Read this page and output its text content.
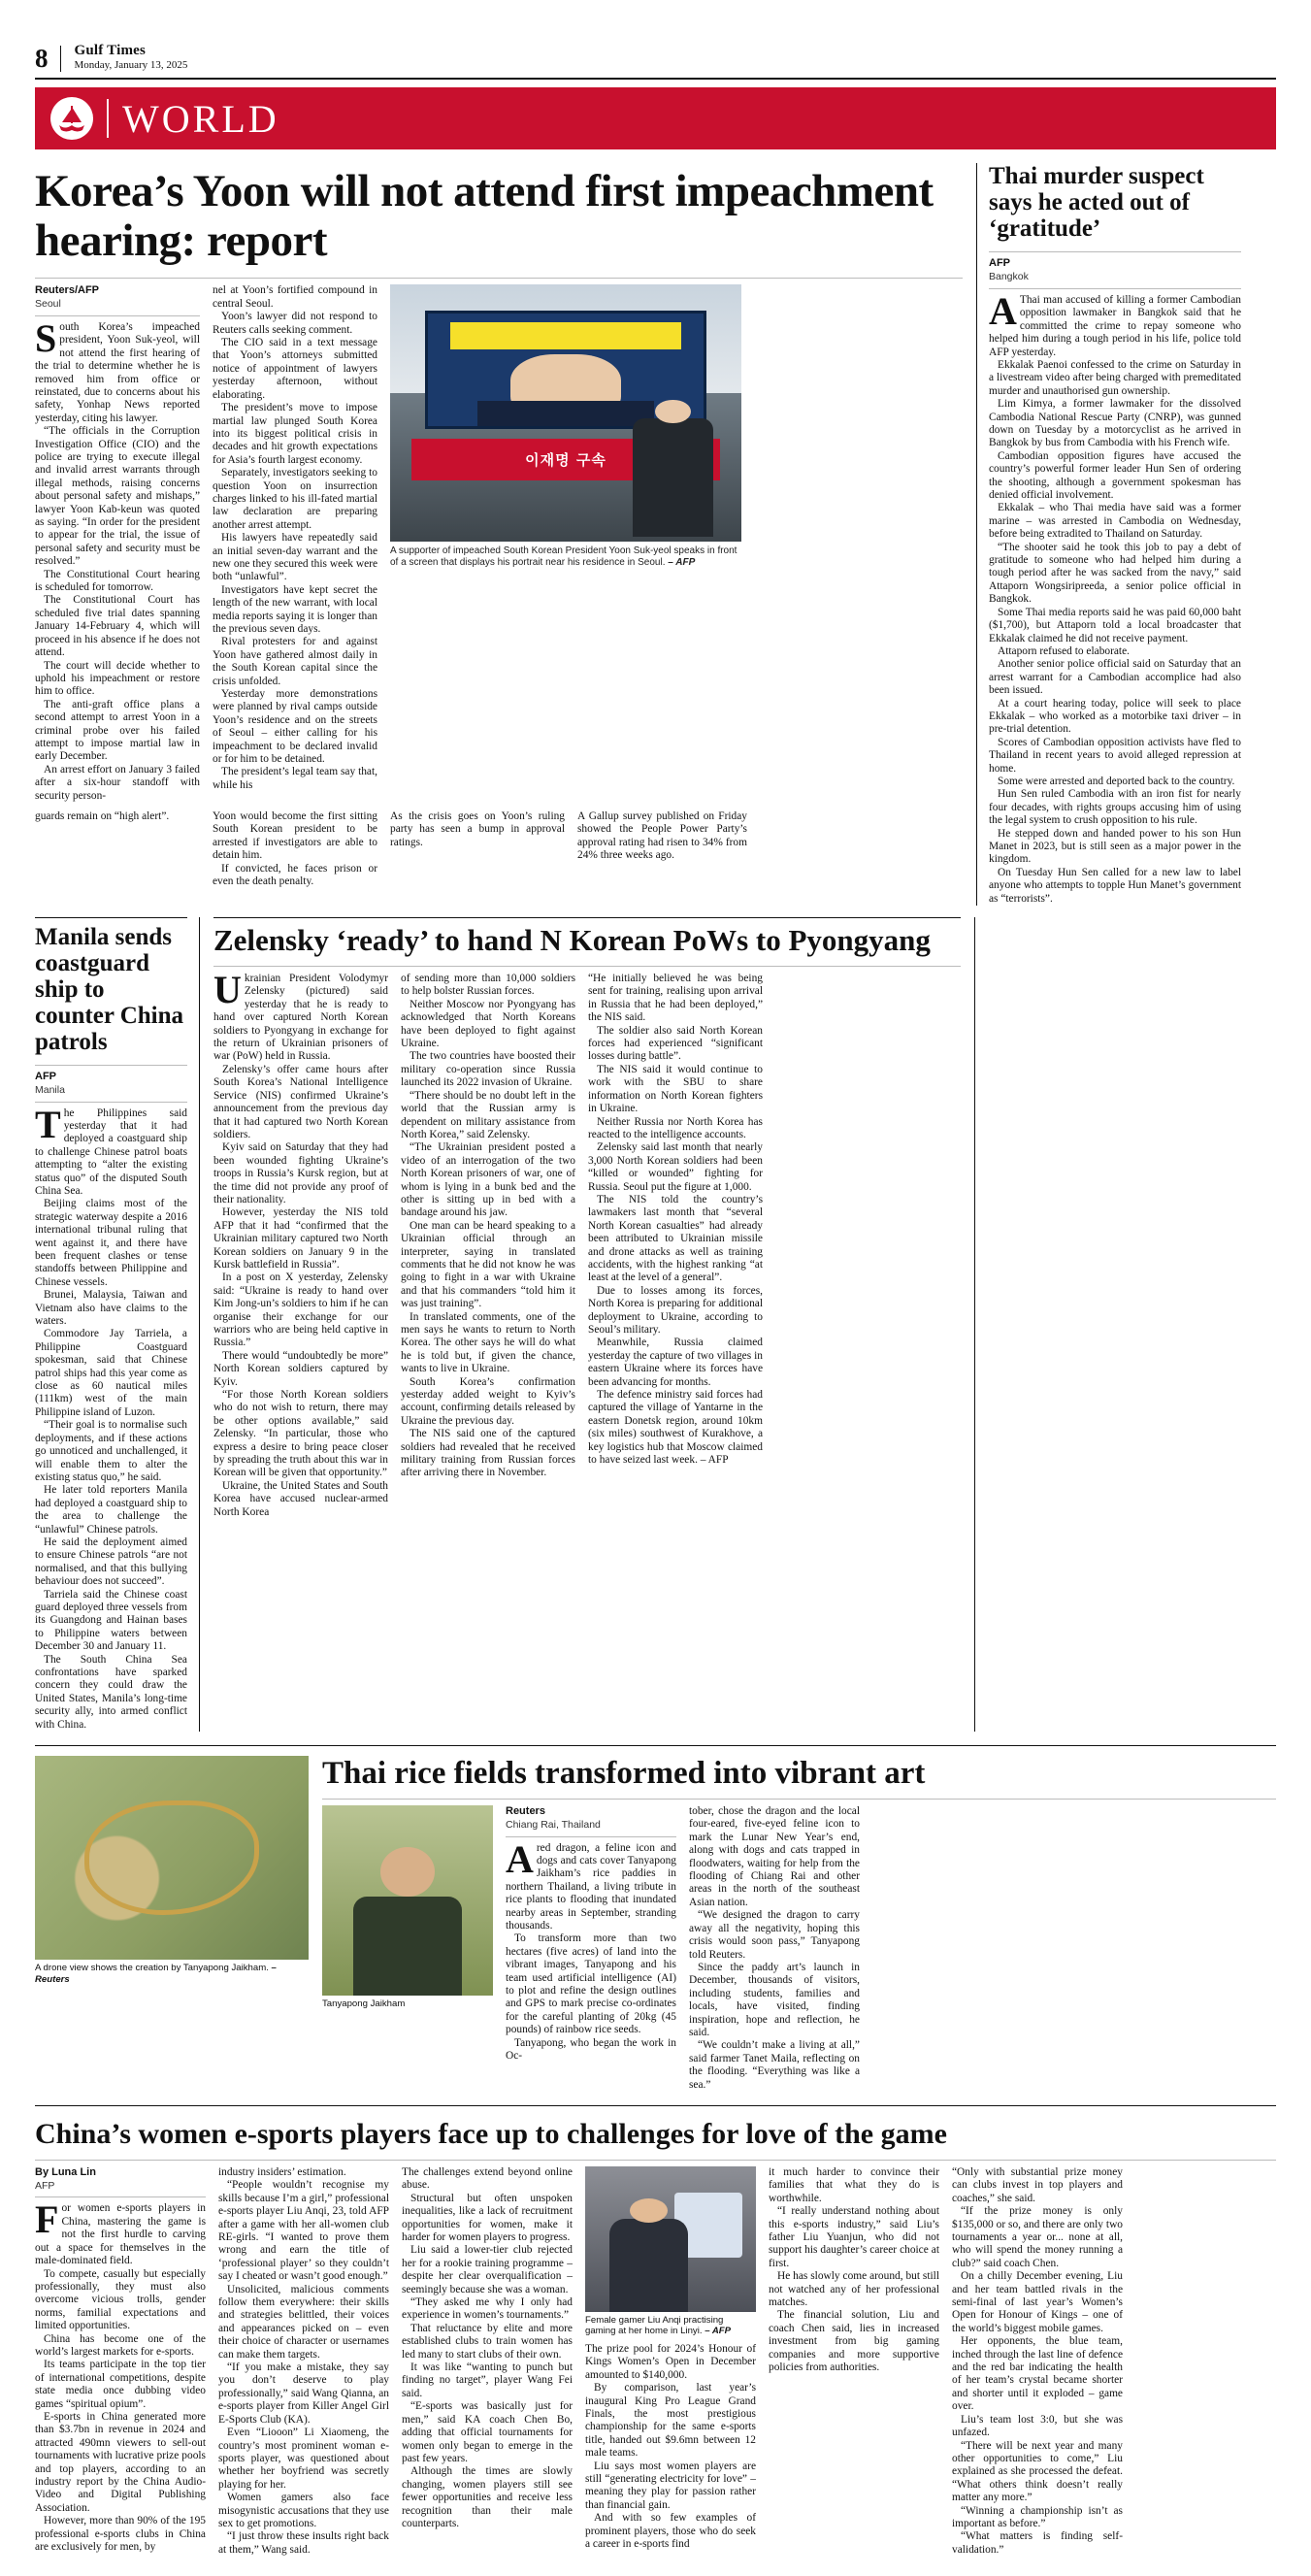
8	Gulf Times
Monday, January 13, 2025
WORLD
Korea’s Yoon will not attend first impeachment hearing: report
Reuters/AFP
Seoul

South Korea’s impeached president, Yoon Suk-yeol, will not attend the first hearing of the trial to determine whether he is removed him from office or reinstated, due to concerns about his safety, Yonhap News reported yesterday, citing his lawyer.

“The officials in the Corruption Investigation Office (CIO) and the police are trying to execute illegal and invalid arrest warrants through illegal methods, raising concerns about personal safety and mishaps,” lawyer Yoon Kab-keun was quoted as saying. “In order for the president to appear for the trial, the issue of personal safety and security must be resolved.”

The Constitutional Court hearing is scheduled for tomorrow.

The Constitutional Court has scheduled five trial dates spanning January 14-February 4, which will proceed in his absence if he does not attend.

The court will decide whether to uphold his impeachment or restore him to office.

The anti-graft office plans a second attempt to arrest Yoon in a criminal probe over his failed attempt to impose martial law in early December.

An arrest effort on January 3 failed after a six-hour standoff with security person-

nel at Yoon’s fortified compound in central Seoul.

Yoon’s lawyer did not respond to Reuters calls seeking comment.

The CIO said in a text message that Yoon’s attorneys submitted notice of appointment of lawyers yesterday afternoon, without elaborating.

The president’s move to impose martial law plunged South Korea into its biggest political crisis in decades and hit growth expectations for Asia’s fourth largest economy.

Separately, investigators seeking to question Yoon on insurrection charges linked to his ill-fated martial law declaration are preparing another arrest attempt.

His lawyers have repeatedly said an initial seven-day warrant and the new one they secured this week were both “unlawful”.

Investigators have kept secret the length of the new warrant, with local media reports saying it is longer than the previous seven days.

Rival protesters for and against Yoon have gathered almost daily in the South Korean capital since the crisis unfolded.

Yesterday more demonstrations were planned by rival camps outside Yoon’s residence and on the streets of Seoul – either calling for his impeachment to be declared invalid or for him to be detained.

The president’s legal team say that, while his

이재명 구속
A supporter of impeached South Korean President Yoon Suk-yeol speaks in front of a screen that displays his portrait near his residence in Seoul. – AFP

guards remain on “high alert”.	Yoon would become the first sitting South Korean president to be arrested if investigators are able to detain him.

If convicted, he faces prison or even the death penalty.

As the crisis goes on Yoon’s ruling party has seen a bump in approval ratings.

A Gallup survey published on Friday showed the People Power Party’s approval rating had risen to 34% from 24% three weeks ago.

Thai murder suspect says he acted out of ‘gratitude’
AFP
Bangkok

AThai man accused of killing a former Cambodian opposition lawmaker in Bangkok said that he committed the crime to repay someone who helped him during a tough period in his life, police told AFP yesterday.

Ekkalak Paenoi confessed to the crime on Saturday in a livestream video after being charged with premeditated murder and unauthorised gun ownership.

Lim Kimya, a former lawmaker for the dissolved Cambodia National Rescue Party (CNRP), was gunned down on Tuesday by a motorcyclist as he arrived in Bangkok by bus from Cambodia with his French wife.

Cambodian opposition figures have accused the country’s powerful former leader Hun Sen of ordering the shooting, although a government spokesman has denied official involvement.

Ekkalak – who Thai media have said was a former marine – was arrested in Cambodia on Wednesday, before being extradited to Thailand on Saturday.

“The shooter said he took this job to pay a debt of gratitude to someone who had helped him during a tough period after he was sacked from the navy,” said Attaporn Wongsiripreeda, a senior police official in Bangkok.

Some Thai media reports said he was paid 60,000 baht ($1,700), but Attaporn told a local broadcaster that Ekkalak claimed he did not receive payment.

Attaporn refused to elaborate.

Another senior police official said on Saturday that an arrest warrant for a Cambodian accomplice had also been issued.

At a court hearing today, police will seek to place Ekkalak – who worked as a motorbike taxi driver – in pre-trial detention.

Scores of Cambodian opposition activists have fled to Thailand in recent years to avoid alleged repression at home.

Some were arrested and deported back to the country.

Hun Sen ruled Cambodia with an iron fist for nearly four decades, with rights groups accusing him of using the legal system to crush opposition to his rule.

He stepped down and handed power to his son Hun Manet in 2023, but is still seen as a major power in the kingdom.

On Tuesday Hun Sen called for a new law to label anyone who attempts to topple Hun Manet’s government as “terrorists”.

Manila sends coastguard ship to counter China patrols
AFP
Manila

The Philippines said yesterday that it had deployed a coastguard ship to challenge Chinese patrol boats attempting to “alter the existing status quo” of the disputed South China Sea.

Beijing claims most of the strategic waterway despite a 2016 international tribunal ruling that went against it, and there have been frequent clashes or tense standoffs between Philippine and Chinese vessels.

Brunei, Malaysia, Taiwan and Vietnam also have claims to the waters.

Commodore Jay Tarriela, a Philippine Coastguard spokesman, said that Chinese patrol ships had this year come as close as 60 nautical miles (111km) west of the main Philippine island of Luzon.

“Their goal is to normalise such deployments, and if these actions go unnoticed and unchallenged, it will enable them to alter the existing status quo,” he said.

He later told reporters Manila had deployed a coastguard ship to the area to challenge the “unlawful” Chinese patrols.

He said the deployment aimed to ensure Chinese patrols “are not normalised, and that this bullying behaviour does not succeed”.

Tarriela said the Chinese coast guard deployed three vessels from its Guangdong and Hainan bases to Philippine waters between December 30 and January 11.

The South China Sea confrontations have sparked concern they could draw the United States, Manila’s long-time security ally, into armed conflict with China.

Zelensky ‘ready’ to hand N Korean PoWs to Pyongyang

Ukrainian President Volodymyr Zelensky (pictured) said yesterday that he is ready to hand over captured North Korean soldiers to Pyongyang in exchange for the return of Ukrainian prisoners of war (PoW) held in Russia.

Zelensky’s offer came hours after South Korea’s National Intelligence Service (NIS) confirmed Ukraine’s announcement from the previous day that it had captured two North Korean soldiers.

Kyiv said on Saturday that they had been wounded fighting Ukraine’s troops in Russia’s Kursk region, but at the time did not provide any proof of their nationality.

However, yesterday the NIS told AFP that it had “confirmed that the Ukrainian military captured two North Korean soldiers on January 9 in the Kursk battlefield in Russia”.

In a post on X yesterday, Zelensky said: “Ukraine is ready to hand over Kim Jong-un’s soldiers to him if he can organise their exchange for our warriors who are being held captive in Russia.”

There would “undoubtedly be more” North Korean soldiers captured by Kyiv.

“For those North Korean soldiers who do not wish to return, there may be other options available,” said Zelensky. “In particular, those who express a desire to bring peace closer by spreading the truth about this war in Korean will be given that opportunity.”

Ukraine, the United States and South Korea have accused nuclear-armed North Korea

of sending more than 10,000 soldiers to help bolster Russian forces.

Neither Moscow nor Pyongyang has acknowledged that North Koreans have been deployed to fight against Ukraine.

The two countries have boosted their military co-operation since Russia launched its 2022 invasion of Ukraine.

“There should be no doubt left in the world that the Russian army is dependent on military assistance from North Korea,” said Zelensky.

“The Ukrainian president posted a video of an interrogation of the two North Korean prisoners of war, one of whom is lying in a bunk bed and the other is sitting up in bed with a bandage around his jaw.

One man can be heard speaking to a Ukrainian official through an interpreter, saying in translated comments that he did not know he was going to fight in a war with Ukraine and that his commanders “told him it was just training”.

In translated comments, one of the men says he wants to return to North Korea. The other says he will do what he is told but, if given the chance, wants to live in Ukraine.

South Korea’s confirmation yesterday added weight to Kyiv’s account, confirming details released by Ukraine the previous day.

The NIS said one of the captured soldiers had revealed that he received military training from Russian forces after arriving there in November.

“He initially believed he was being sent for training, realising upon arrival in Russia that he had been deployed,” the NIS said.

The soldier also said North Korean forces had experienced “significant losses during battle”.

The NIS said it would continue to work with the SBU to share information on North Korean fighters in Ukraine.

Neither Russia nor North Korea has reacted to the intelligence accounts.

Zelensky said last month that nearly 3,000 North Korean soldiers had been “killed or wounded” fighting for Russia. Seoul put the figure at 1,000.

The NIS told the country’s lawmakers last month that “several North Korean casualties” had already been attributed to Ukrainian missile and drone attacks as well as training accidents, with the highest ranking “at least at the level of a general”.

Due to losses among its forces, North Korea is preparing for additional deployment to Ukraine, according to Seoul’s military.

Meanwhile, Russia claimed yesterday the capture of two villages in eastern Ukraine where its forces have been advancing for months.

The defence ministry said forces had captured the village of Yantarne in the eastern Donetsk region, around 10km (six miles) southwest of Kurakhove, a key logistics hub that Moscow claimed to have seized last week. – AFP

A drone view shows the creation by Tanyapong Jaikham. – Reuters
Thai rice fields transformed into vibrant art
Tanyapong Jaikham
Reuters
Chiang Rai, Thailand

Ared dragon, a feline icon and dogs and cats cover Tanyapong Jaikham’s rice paddies in northern Thailand, a living tribute in rice plants to flooding that inundated nearby areas in September, stranding thousands.

To transform more than two hectares (five acres) of land into the vibrant images, Tanyapong and his team used artificial intelligence (AI) to plot and refine the design outlines and GPS to mark precise co-ordinates for the careful planting of 20kg (45 pounds) of rainbow rice seeds.

Tanyapong, who began the work in Oc-

tober, chose the dragon and the local four-eared, five-eyed feline icon to mark the Lunar New Year’s end, along with dogs and cats trapped in floodwaters, waiting for help from the flooding of Chiang Rai and other areas in the north of the southeast Asian nation.

“We designed the dragon to carry away all the negativity, hoping this crisis would soon pass,” Tanyapong told Reuters.

Since the paddy art’s launch in December, thousands of visitors, including students, families and locals, have visited, finding inspiration, hope and reflection, he said.

“We couldn’t make a living at all,” said farmer Tanet Maila, reflecting on the flooding. “Everything was like a sea.”

China’s women e-sports players face up to challenges for love of the game
By Luna Lin
AFP

For women e-sports players in China, mastering the game is not the first hurdle to carving out a space for themselves in the male-dominated field.

To compete, casually but especially professionally, they must also overcome vicious trolls, gender norms, familial expectations and limited opportunities.

China has become one of the world’s largest markets for e-sports.

Its teams participate in the top tier of international competitions, despite state media once dubbing video games “spiritual opium”.

E-sports in China generated more than $3.7bn in revenue in 2024 and attracted 490mn viewers to sell-out tournaments with lucrative prize pools and top players, according to an industry report by the China Audio-Video and Digital Publishing Association.

However, more than 90% of the 195 professional e-sports clubs in China are exclusively for men, by

industry insiders’ estimation.

“People wouldn’t recognise my skills because I’m a girl,” professional e-sports player Liu Anqi, 23, told AFP after a game with her all-women club RE-girls. “I wanted to prove them wrong and earn the title of ‘professional player’ so they couldn’t say I cheated or wasn’t good enough.”

Unsolicited, malicious comments follow them everywhere: their skills and strategies belittled, their voices and appearances picked on – even their choice of character or usernames can make them targets.

“If you make a mistake, they say you don’t deserve to play professionally,” said Wang Qianna, an e-sports player from Killer Angel Girl E-Sports Club (KA).

Even “Liooon” Li Xiaomeng, the country’s most prominent woman e-sports player, was questioned about whether her boyfriend was secretly playing for her.

Women gamers also face misogynistic accusations that they use sex to get promotions.

“I just throw these insults right back at them,” Wang said.

The challenges extend beyond online abuse.

Structural but often unspoken inequalities, like a lack of recruitment opportunities for women, make it harder for women players to progress.

Liu said a lower-tier club rejected her for a rookie training programme – despite her clear overqualification – seemingly because she was a woman.

“They asked me why I only had experience in women’s tournaments.”

That reluctance by elite and more established clubs to train women has led many to start clubs of their own.

It was like “wanting to punch but finding no target”, player Wang Fei said.

“E-sports was basically just for men,” said KA coach Chen Bo, adding that official tournaments for women only began to emerge in the past few years.

Although the times are slowly changing, women players still see fewer opportunities and receive less recognition than their male counterparts.

Female gamer Liu Anqi practising gaming at her home in Linyi. – AFP

The prize pool for 2024’s Honour of Kings Women’s Open in December amounted to $140,000.

By comparison, last year’s inaugural King Pro League Grand Finals, the most prestigious championship for the same e-sports title, handed out $9.6mn between 12 male teams.

Liu says most women players are still “generating electricity for love” – meaning they play for passion rather than financial gain.

And with so few examples of prominent players, those who do seek a career in e-sports find

it much harder to convince their families that what they do is worthwhile.

“I really understand nothing about this e-sports industry,” said Liu’s father Liu Yuanjun, who did not support his daughter’s career choice at first.

He has slowly come around, but still not watched any of her professional matches.

The financial solution, Liu and coach Chen said, lies in increased investment from big gaming companies and more supportive policies from authorities.

“Only with substantial prize money can clubs invest in top players and coaches,” she said.

“If the prize money is only $135,000 or so, and there are only two tournaments a year or... none at all, who will spend the money running a club?” said coach Chen.

On a chilly December evening, Liu and her team battled rivals in the semi-final of last year’s Women’s Open for Honour of Kings – one of the world’s biggest mobile games.

Her opponents, the blue team, inched through the last line of defence and the red bar indicating the health of her team’s crystal became shorter and shorter until it exploded – game over.

Liu’s team lost 3:0, but she was unfazed.

“There will be next year and many other opportunities to come,” Liu explained as she processed the defeat. “What others think doesn’t really matter any more.”

“Winning a championship isn’t as important as before.”

“What matters is finding self-validation.”
